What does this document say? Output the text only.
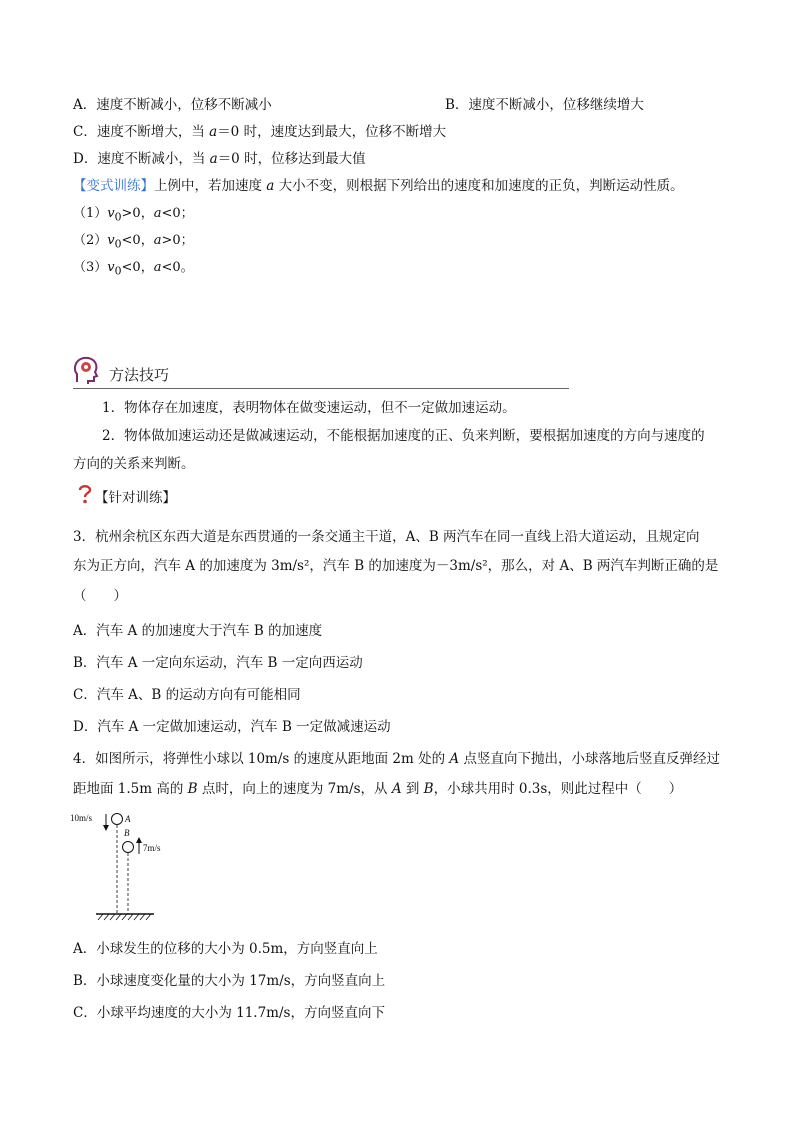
A．速度不断减小，位移不断减小	B．速度不断减小，位移继续增大
C．速度不断增大，当 a＝0 时，速度达到最大，位移不断增大
D．速度不断减小，当 a＝0 时，位移达到最大值
【变式训练】上例中，若加速度 a 大小不变，则根据下列给出的速度和加速度的正负，判断运动性质。
$(1)v_0>0$，a<0；
$(2)v_0<0$，a>0；
$(3)v_0<0$，a<0。
方法技巧
1．物体存在加速度，表明物体在做变速运动，但不一定做加速运动。
2．物体做加速运动还是做减速运动，不能根据加速度的正、负来判断，要根据加速度的方向与速度的
方向的关系来判断。
【针对训练】
3．杭州余杭区东西大道是东西贯通的一条交通主干道，A、B 两汽车在同一直线上沿大道运动，且规定向
东为正方向，汽车 A 的加速度为 3m/s²，汽车 B 的加速度为－3m/s²，那么，对 A、B 两汽车判断正确的是
（　　）
A．汽车 A 的加速度大于汽车 B 的加速度
B．汽车 A 一定向东运动，汽车 B 一定向西运动
C．汽车 A、B 的运动方向有可能相同
D．汽车 A 一定做加速运动，汽车 B 一定做减速运动
4．如图所示，将弹性小球以 10m/s 的速度从距地面 2m 处的 A 点竖直向下抛出，小球落地后竖直反弹经过
距地面 1.5m 高的 B 点时，向上的速度为 7m/s，从 A 到 B，小球共用时 0.3s，则此过程中（　　）
10m/s	A
B
7m/s
A．小球发生的位移的大小为 0.5m，方向竖直向上
B．小球速度变化量的大小为 17m/s，方向竖直向上
C．小球平均速度的大小为 11.7m/s，方向竖直向下
